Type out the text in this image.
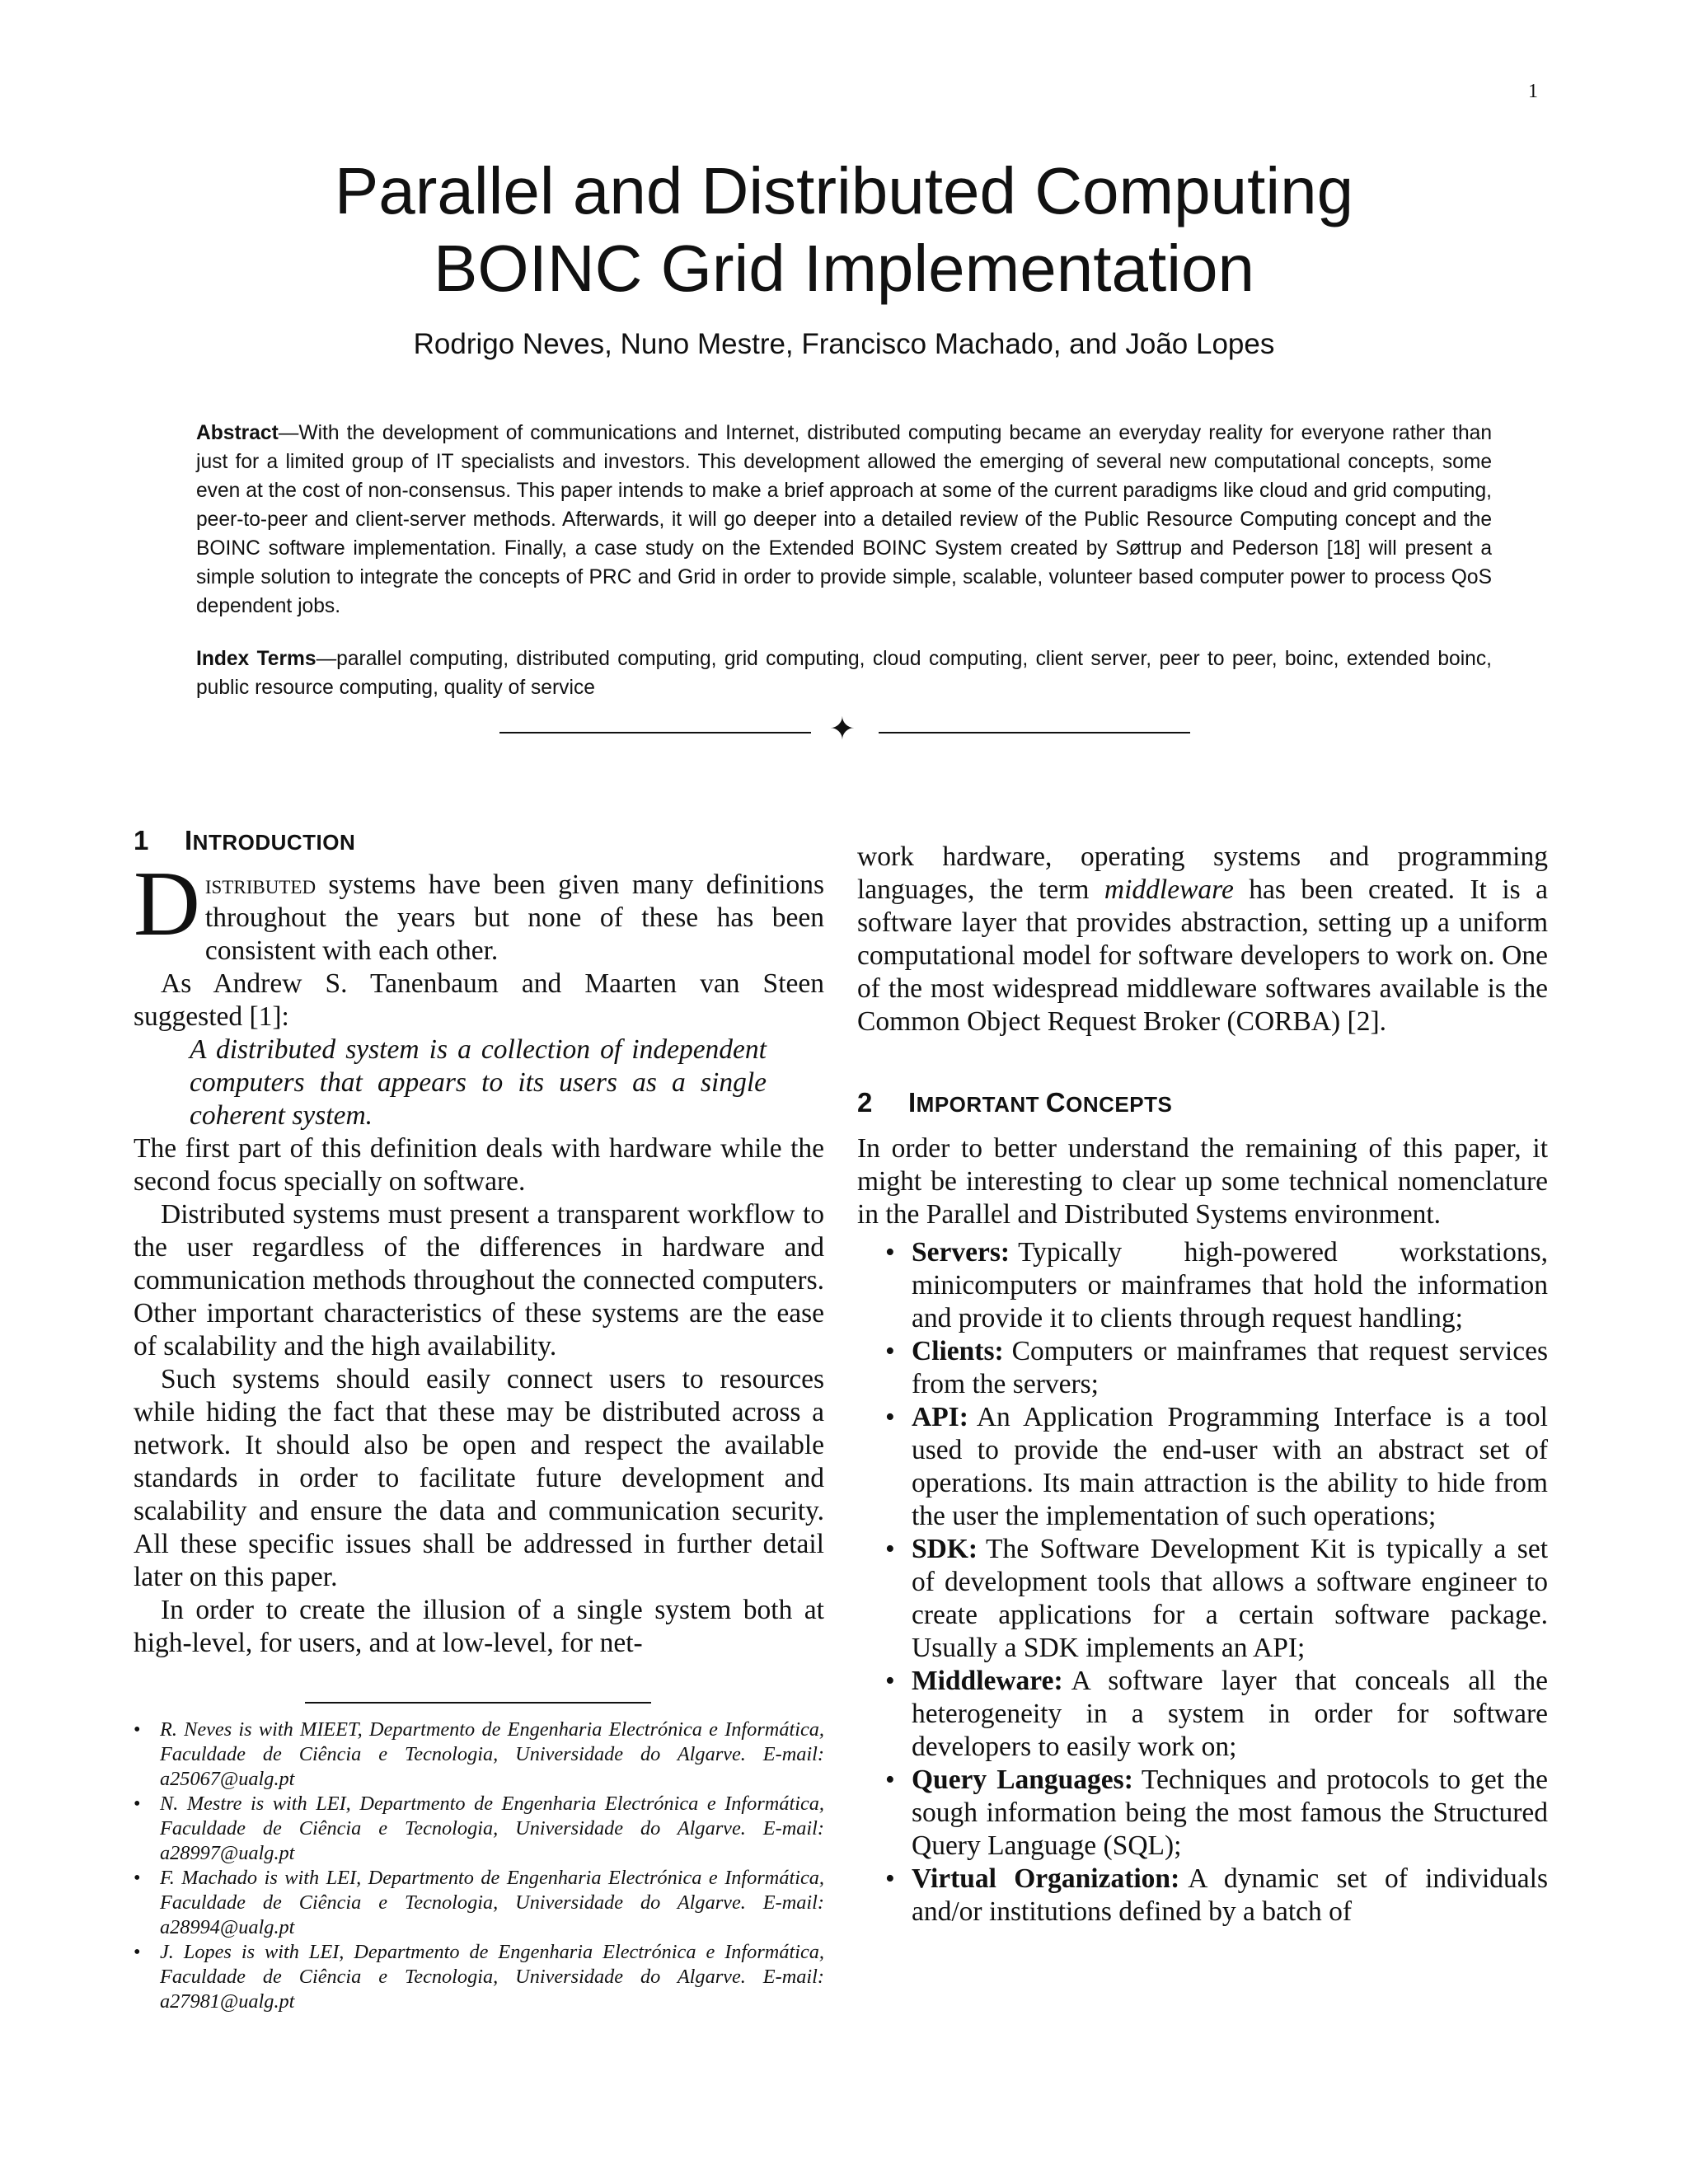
1
Parallel and Distributed Computing
BOINC Grid Implementation
Rodrigo Neves, Nuno Mestre, Francisco Machado, and João Lopes
Abstract—With the development of communications and Internet, distributed computing became an everyday reality for everyone rather than just for a limited group of IT specialists and investors. This development allowed the emerging of several new computational concepts, some even at the cost of non-consensus. This paper intends to make a brief approach at some of the current paradigms like cloud and grid computing, peer-to-peer and client-server methods. Afterwards, it will go deeper into a detailed review of the Public Resource Computing concept and the BOINC software implementation. Finally, a case study on the Extended BOINC System created by Søttrup and Pederson [18] will present a simple solution to integrate the concepts of PRC and Grid in order to provide simple, scalable, volunteer based computer power to process QoS dependent jobs.
Index Terms—parallel computing, distributed computing, grid computing, cloud computing, client server, peer to peer, boinc, extended boinc, public resource computing, quality of service
✦
1 INTRODUCTION

Distributed systems have been given many definitions throughout the years but none of these has been consistent with each other.

As Andrew S. Tanenbaum and Maarten van Steen suggested [1]:

A distributed system is a collection of independent computers that appears to its users as a single coherent system.

The first part of this definition deals with hardware while the second focus specially on software.

Distributed systems must present a transparent workflow to the user regardless of the differences in hardware and communication methods throughout the connected computers. Other important characteristics of these systems are the ease of scalability and the high availability.

Such systems should easily connect users to resources while hiding the fact that these may be distributed across a network. It should also be open and respect the available standards in order to facilitate future development and scalability and ensure the data and communication security. All these specific issues shall be addressed in further detail later on this paper.

In order to create the illusion of a single system both at high-level, for users, and at low-level, for net-

• R. Neves is with MIEET, Departmento de Engenharia Electrónica e Informática, Faculdade de Ciência e Tecnologia, Universidade do Algarve. E-mail: a25067@ualg.pt
• N. Mestre is with LEI, Departmento de Engenharia Electrónica e Informática, Faculdade de Ciência e Tecnologia, Universidade do Algarve. E-mail: a28997@ualg.pt
• F. Machado is with LEI, Departmento de Engenharia Electrónica e Informática, Faculdade de Ciência e Tecnologia, Universidade do Algarve. E-mail: a28994@ualg.pt
• J. Lopes is with LEI, Departmento de Engenharia Electrónica e Informática, Faculdade de Ciência e Tecnologia, Universidade do Algarve. E-mail: a27981@ualg.pt

work hardware, operating systems and programming languages, the term middleware has been created. It is a software layer that provides abstraction, setting up a uniform computational model for software developers to work on. One of the most widespread middleware softwares available is the Common Object Request Broker (CORBA) [2].

2 IMPORTANT CONCEPTS

In order to better understand the remaining of this paper, it might be interesting to clear up some technical nomenclature in the Parallel and Distributed Systems environment.

• Servers: Typically high-powered workstations, minicomputers or mainframes that hold the information and provide it to clients through request handling;
• Clients: Computers or mainframes that request services from the servers;
• API: An Application Programming Interface is a tool used to provide the end-user with an abstract set of operations. Its main attraction is the ability to hide from the user the implementation of such operations;
• SDK: The Software Development Kit is typically a set of development tools that allows a software engineer to create applications for a certain software package. Usually a SDK implements an API;
• Middleware: A software layer that conceals all the heterogeneity in a system in order for software developers to easily work on;
• Query Languages: Techniques and protocols to get the sough information being the most famous the Structured Query Language (SQL);
• Virtual Organization: A dynamic set of individuals and/or institutions defined by a batch of
